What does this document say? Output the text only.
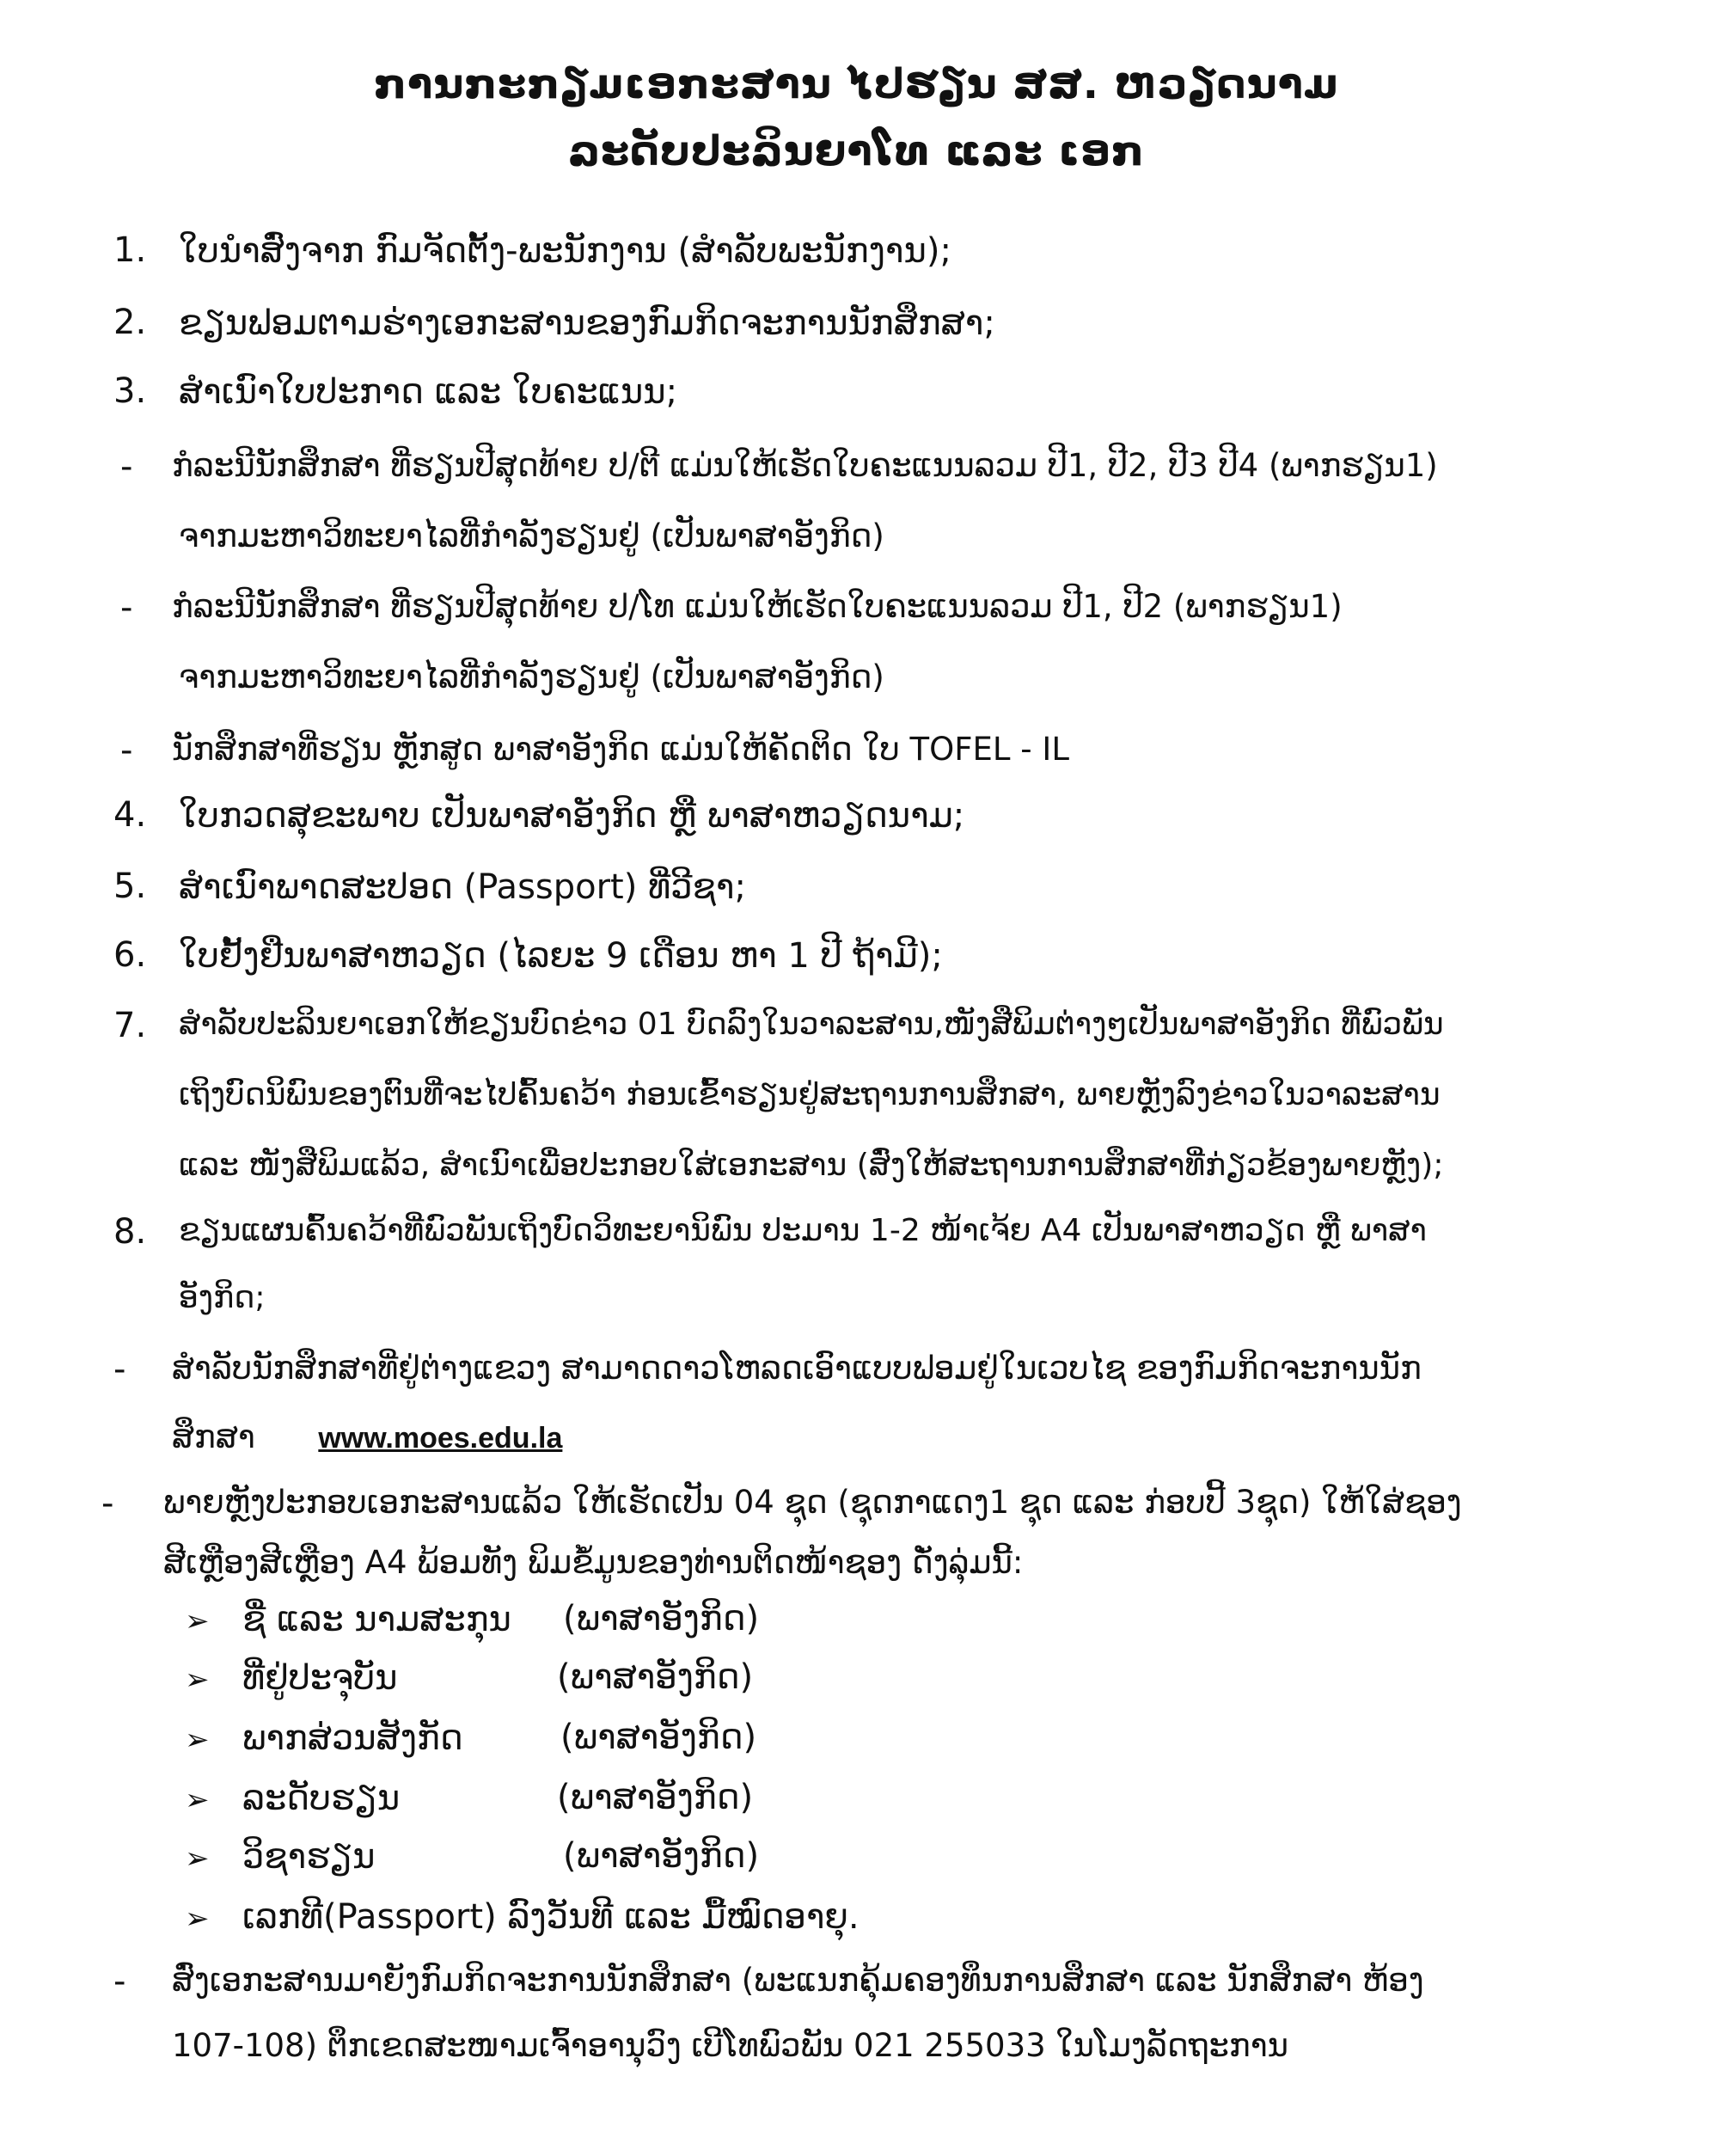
ການກະກຽມເອກະສານ ໄປຮຽນ ສສ. ຫວຽດນາມ
ລະດັບປະລິນຍາໂທ ແລະ ເອກ
1. ໃບນຳສົ່ງຈາກ ກົມຈັດຕັ້ງ-ພະນັກງານ (ສຳລັບພະນັກງານ);
2. ຂຽນຟອມຕາມຮ່າງເອກະສານຂອງກົມກິດຈະການນັກສຶກສາ;
3. ສຳເນົາໃບປະກາດ ແລະ ໃບຄະແນນ;
- ກໍລະນີນັກສຶກສາ ທີ່ຮຽນປີສຸດທ້າຍ ປ/ຕີ ແມ່ນໃຫ້ເຮັດໃບຄະແນນລວມ ປີ1, ປີ2, ປີ3 ປີ4 (ພາກຮຽນ1)
ຈາກມະຫາວິທະຍາໄລທີ່ກຳລັງຮຽນຢູ່ (ເປັນພາສາອັງກິດ)
- ກໍລະນີນັກສຶກສາ ທີ່ຮຽນປີສຸດທ້າຍ ປ/ໂທ ແມ່ນໃຫ້ເຮັດໃບຄະແນນລວມ ປີ1, ປີ2 (ພາກຮຽນ1)
ຈາກມະຫາວິທະຍາໄລທີ່ກຳລັງຮຽນຢູ່ (ເປັນພາສາອັງກິດ)
- ນັກສຶກສາທີ່ຮຽນ ຫຼັກສູດ ພາສາອັງກິດ ແມ່ນໃຫ້ຄັດຕິດ ໃບ TOFEL - IL
4. ໃບກວດສຸຂະພາບ ເປັນພາສາອັງກິດ ຫຼື ພາສາຫວຽດນາມ;
5. ສຳເນົາພາດສະປອດ (Passport) ທີ່ວີຊາ;
6. ໃບຢັ້ງຢືນພາສາຫວຽດ (ໄລຍະ 9 ເດືອນ ຫາ 1 ປີ ຖ້າມີ);
7. ສຳລັບປະລິນຍາເອກໃຫ້ຂຽນບົດຂ່າວ 01 ບົດລົງໃນວາລະສານ,ໜັງສືພິມຕ່າງໆເປັນພາສາອັງກິດ ທີ່ພົວພັນ
ເຖິງບົດນິພົນຂອງຕົນທີ່ຈະໄປຄົ້ນຄວ້າ ກ່ອນເຂົ້າຮຽນຢູ່ສະຖານການສຶກສາ, ພາຍຫຼັງລົງຂ່າວໃນວາລະສານ
ແລະ ໜັງສືພິມແລ້ວ, ສຳເນົາເພື່ອປະກອບໃສ່ເອກະສານ (ສົ່ງໃຫ້ສະຖານການສຶກສາທີ່ກ່ຽວຂ້ອງພາຍຫຼັງ);
8. ຂຽນແຜນຄົ້ນຄວ້າທີ່ພົວພັນເຖິງບົດວິທະຍານິພົນ ປະມານ 1-2 ໜ້າເຈ້ຍ A4 ເປັນພາສາຫວຽດ ຫຼື ພາສາ
ອັງກິດ;
- ສຳລັບນັກສຶກສາທີ່ຢູ່ຕ່າງແຂວງ ສາມາດດາວໂຫລດເອົາແບບຟອມຢູ່ໃນເວບໄຊ ຂອງກົມກິດຈະການນັກ
ສຶກສາ www.moes.edu.la
- ພາຍຫຼັງປະກອບເອກະສານແລ້ວ ໃຫ້ເຮັດເປັນ 04 ຊຸດ (ຊຸດກາແດງ1 ຊຸດ ແລະ ກ່ອບປີ້ 3ຊຸດ) ໃຫ້ໃສ່ຊອງ
ສີເຫຼືອງສີເຫຼືອງ A4 ພ້ອມທັງ ພິມຂໍ້ມູນຂອງທ່ານຕິດໜ້າຊອງ ດັ່ງລຸ່ມນີ້:
➢ ຊື່ ແລະ ນາມສະກຸນ (ພາສາອັງກິດ)
➢ ທີ່ຢູ່ປະຈຸບັນ	(ພາສາອັງກິດ)
➢ ພາກສ່ວນສັງກັດ	(ພາສາອັງກິດ)
➢ ລະດັບຮຽນ	(ພາສາອັງກິດ)
➢ ວິຊາຮຽນ	(ພາສາອັງກິດ)
➢ ເລກທີ(Passport) ລົງວັນທີ ແລະ ມື້ໝົດອາຍຸ.
- ສົ່ງເອກະສານມາຍັງກົມກິດຈະການນັກສຶກສາ (ພະແນກຄຸ້ມຄອງທຶນການສຶກສາ ແລະ ນັກສຶກສາ ຫ້ອງ
107-108) ຕຶກເຂດສະໜາມເຈົ້າອານຸວົງ ເບີໂທພົວພັນ 021 255033 ໃນໂມງລັດຖະການ
